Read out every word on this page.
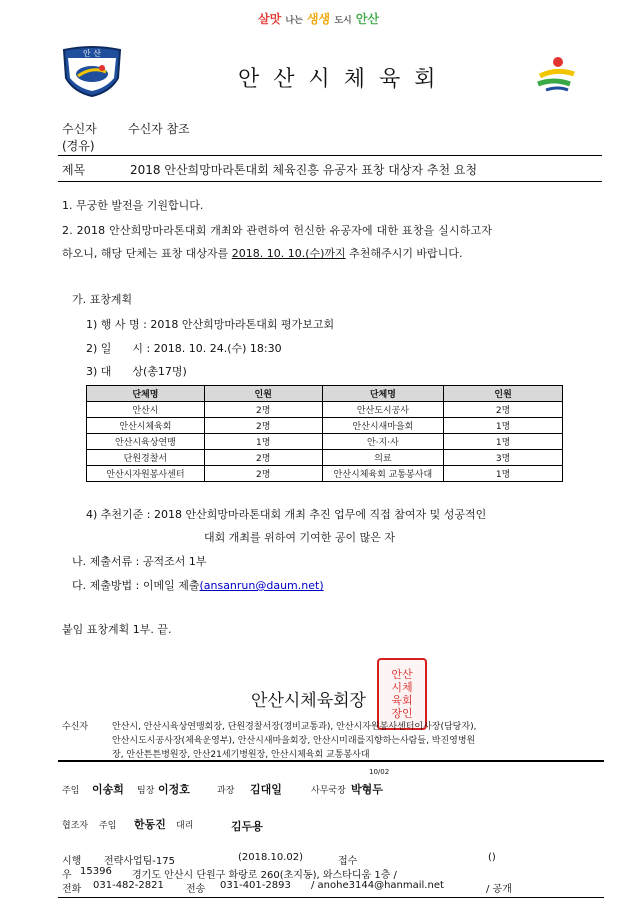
살맛 나는 생생 도시 안산
안 산
안산시체육회
수신자	수신자 참조
(경유)
제목	2018 안산희망마라톤대회 체육진흥 유공자 표창 대상자 추천 요청
1. 무궁한 발전을 기원합니다.
2. 2018 안산희망마라톤대회 개최와 관련하여 헌신한 유공자에 대한 표창을 실시하고자
하오니, 해당 단체는 표창 대상자를 2018. 10. 10.(수)까지 추천해주시기 바랍니다.
가. 표창계획
1) 행 사 명 : 2018 안산희망마라톤대회 평가보고회
2) 일      시 : 2018. 10. 24.(수) 18:30
3) 대      상(총17명)
단체명	인원	단체명	인원
안산시	2명	안산도시공사	2명
안산시체육회	2명	안산시새마을회	1명
안산시육상연맹	1명	안·지·사	1명
단원경찰서	2명	의료	3명
안산시자원봉사센터	2명	안산시체육회 교통봉사대	1명
4) 추천기준 : 2018 안산희망마라톤대회 개최 추진 업무에 직접 참여자 및 성공적인
대회 개최를 위하여 기여한 공이 많은 자
나. 제출서류 : 공적조서 1부
다. 제출방법 : 이메일 제출(ansanrun@daum.net)
붙임 표창계획 1부. 끝.
안산시체육회장
안산
시체
육회
장인
수신자	안산시, 안산시육상연맹회장, 단원경찰서장(경비교통과), 안산시자원봉사센터이사장(담당자),
안산시도시공사장(체육운영부), 안산시새마을회장, 안산시미래를지향하는사람들, 박진영병원
장, 안산튼튼병원장, 안산21세기병원장, 안산시체육회 교통봉사대
10/02
주임 이송희 팀장 이정호	과장 김대일	사무국장 박형두
협조자 주임 한동진 대리	김두용
시행 전략사업팀-175	(2018.10.02)	접수	()
우 15396 경기도 안산시 단원구 화랑로 260(초지동), 와스타디움 1층 /
전화 031-482-2821 전송 031-401-2893 / anohe3144@hanmail.net	/ 공개
